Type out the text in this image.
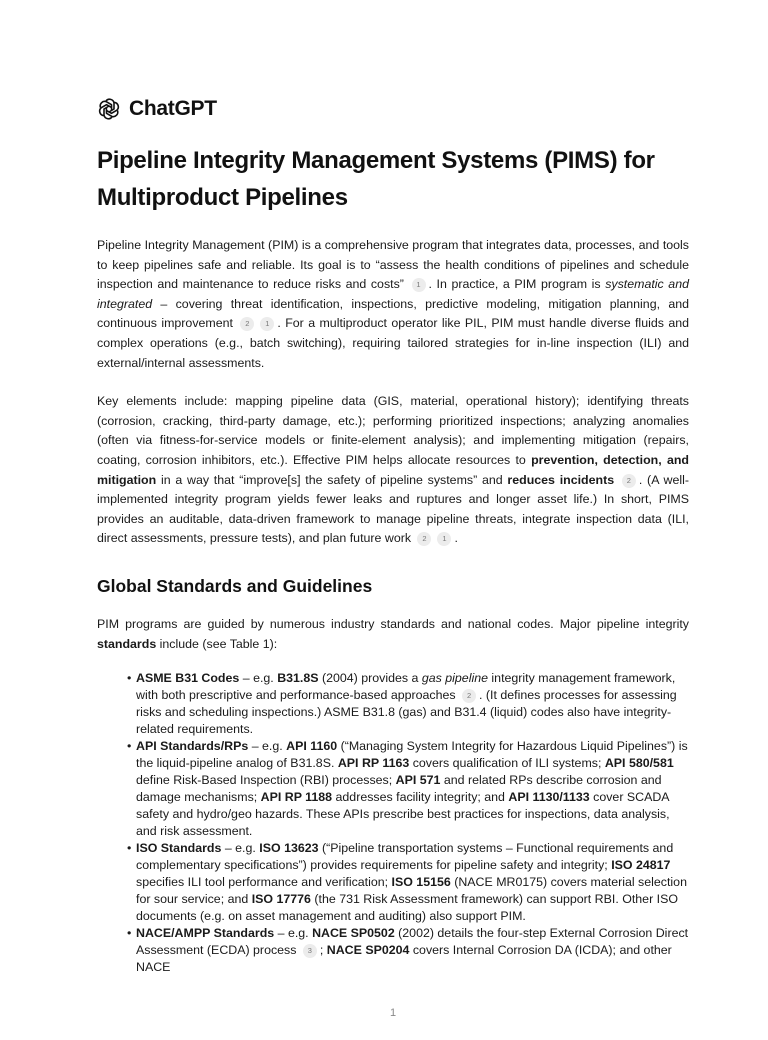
ChatGPT
Pipeline Integrity Management Systems (PIMS) for Multiproduct Pipelines

Pipeline Integrity Management (PIM) is a comprehensive program that integrates data, processes, and tools to keep pipelines safe and reliable. Its goal is to “assess the health conditions of pipelines and schedule inspection and maintenance to reduce risks and costs” 1 . In practice, a PIM program is systematic and integrated – covering threat identification, inspections, predictive modeling, mitigation planning, and continuous improvement 2 1 . For a multiproduct operator like PIL, PIM must handle diverse fluids and complex operations (e.g., batch switching), requiring tailored strategies for in-line inspection (ILI) and external/internal assessments.

Key elements include: mapping pipeline data (GIS, material, operational history); identifying threats (corrosion, cracking, third-party damage, etc.); performing prioritized inspections; analyzing anomalies (often via fitness-for-service models or finite-element analysis); and implementing mitigation (repairs, coating, corrosion inhibitors, etc.). Effective PIM helps allocate resources to prevention, detection, and mitigation in a way that “improve[s] the safety of pipeline systems” and reduces incidents 2 . (A well-implemented integrity program yields fewer leaks and ruptures and longer asset life.) In short, PIMS provides an auditable, data-driven framework to manage pipeline threats, integrate inspection data (ILI, direct assessments, pressure tests), and plan future work 2 1 .

Global Standards and Guidelines

PIM programs are guided by numerous industry standards and national codes. Major pipeline integrity standards include (see Table 1):

• ASME B31 Codes – e.g. B31.8S (2004) provides a gas pipeline integrity management framework, with both prescriptive and performance-based approaches 2 . (It defines processes for assessing risks and scheduling inspections.) ASME B31.8 (gas) and B31.4 (liquid) codes also have integrity-related requirements.
• API Standards/RPs – e.g. API 1160 (“Managing System Integrity for Hazardous Liquid Pipelines”) is the liquid-pipeline analog of B31.8S. API RP 1163 covers qualification of ILI systems; API 580/581 define Risk-Based Inspection (RBI) processes; API 571 and related RPs describe corrosion and damage mechanisms; API RP 1188 addresses facility integrity; and API 1130/1133 cover SCADA safety and hydro/geo hazards. These APIs prescribe best practices for inspections, data analysis, and risk assessment.
• ISO Standards – e.g. ISO 13623 (“Pipeline transportation systems – Functional requirements and complementary specifications”) provides requirements for pipeline safety and integrity; ISO 24817 specifies ILI tool performance and verification; ISO 15156 (NACE MR0175) covers material selection for sour service; and ISO 17776 (the 731 Risk Assessment framework) can support RBI. Other ISO documents (e.g. on asset management and auditing) also support PIM.
• NACE/AMPP Standards – e.g. NACE SP0502 (2002) details the four-step External Corrosion Direct Assessment (ECDA) process 3 ; NACE SP0204 covers Internal Corrosion DA (ICDA); and other NACE
1
